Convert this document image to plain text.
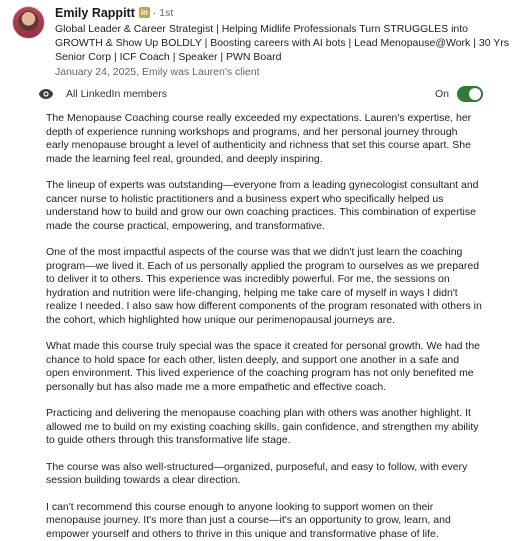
Emily Rappitt in · 1st
Global Leader & Career Strategist | Helping Midlife Professionals Turn STRUGGLES into GROWTH & Show Up BOLDLY | Boosting careers with AI bots | Lead Menopause@Work | 30 Yrs Senior Corp | ICF Coach | Speaker | PWN Board
January 24, 2025, Emily was Lauren's client
All LinkedIn members	On

The Menopause Coaching course really exceeded my expectations. Lauren's expertise, her depth of experience running workshops and programs, and her personal journey through early menopause brought a level of authenticity and richness that set this course apart. She made the learning feel real, grounded, and deeply inspiring.

The lineup of experts was outstanding—everyone from a leading gynecologist consultant and cancer nurse to holistic practitioners and a business expert who specifically helped us understand how to build and grow our own coaching practices. This combination of expertise made the course practical, empowering, and transformative.

One of the most impactful aspects of the course was that we didn't just learn the coaching program—we lived it. Each of us personally applied the program to ourselves as we prepared to deliver it to others. This experience was incredibly powerful. For me, the sessions on hydration and nutrition were life-changing, helping me take care of myself in ways I didn't realize I needed. I also saw how different components of the program resonated with others in the cohort, which highlighted how unique our perimenopausal journeys are.

What made this course truly special was the space it created for personal growth. We had the chance to hold space for each other, listen deeply, and support one another in a safe and open environment. This lived experience of the coaching program has not only benefited me personally but has also made me a more empathetic and effective coach.

Practicing and delivering the menopause coaching plan with others was another highlight. It allowed me to build on my existing coaching skills, gain confidence, and strengthen my ability to guide others through this transformative life stage.

The course was also well-structured—organized, purposeful, and easy to follow, with every session building towards a clear direction.

I can't recommend this course enough to anyone looking to support women on their menopause journey. It's more than just a course—it's an opportunity to grow, learn, and empower yourself and others to thrive in this unique and transformative phase of life.
